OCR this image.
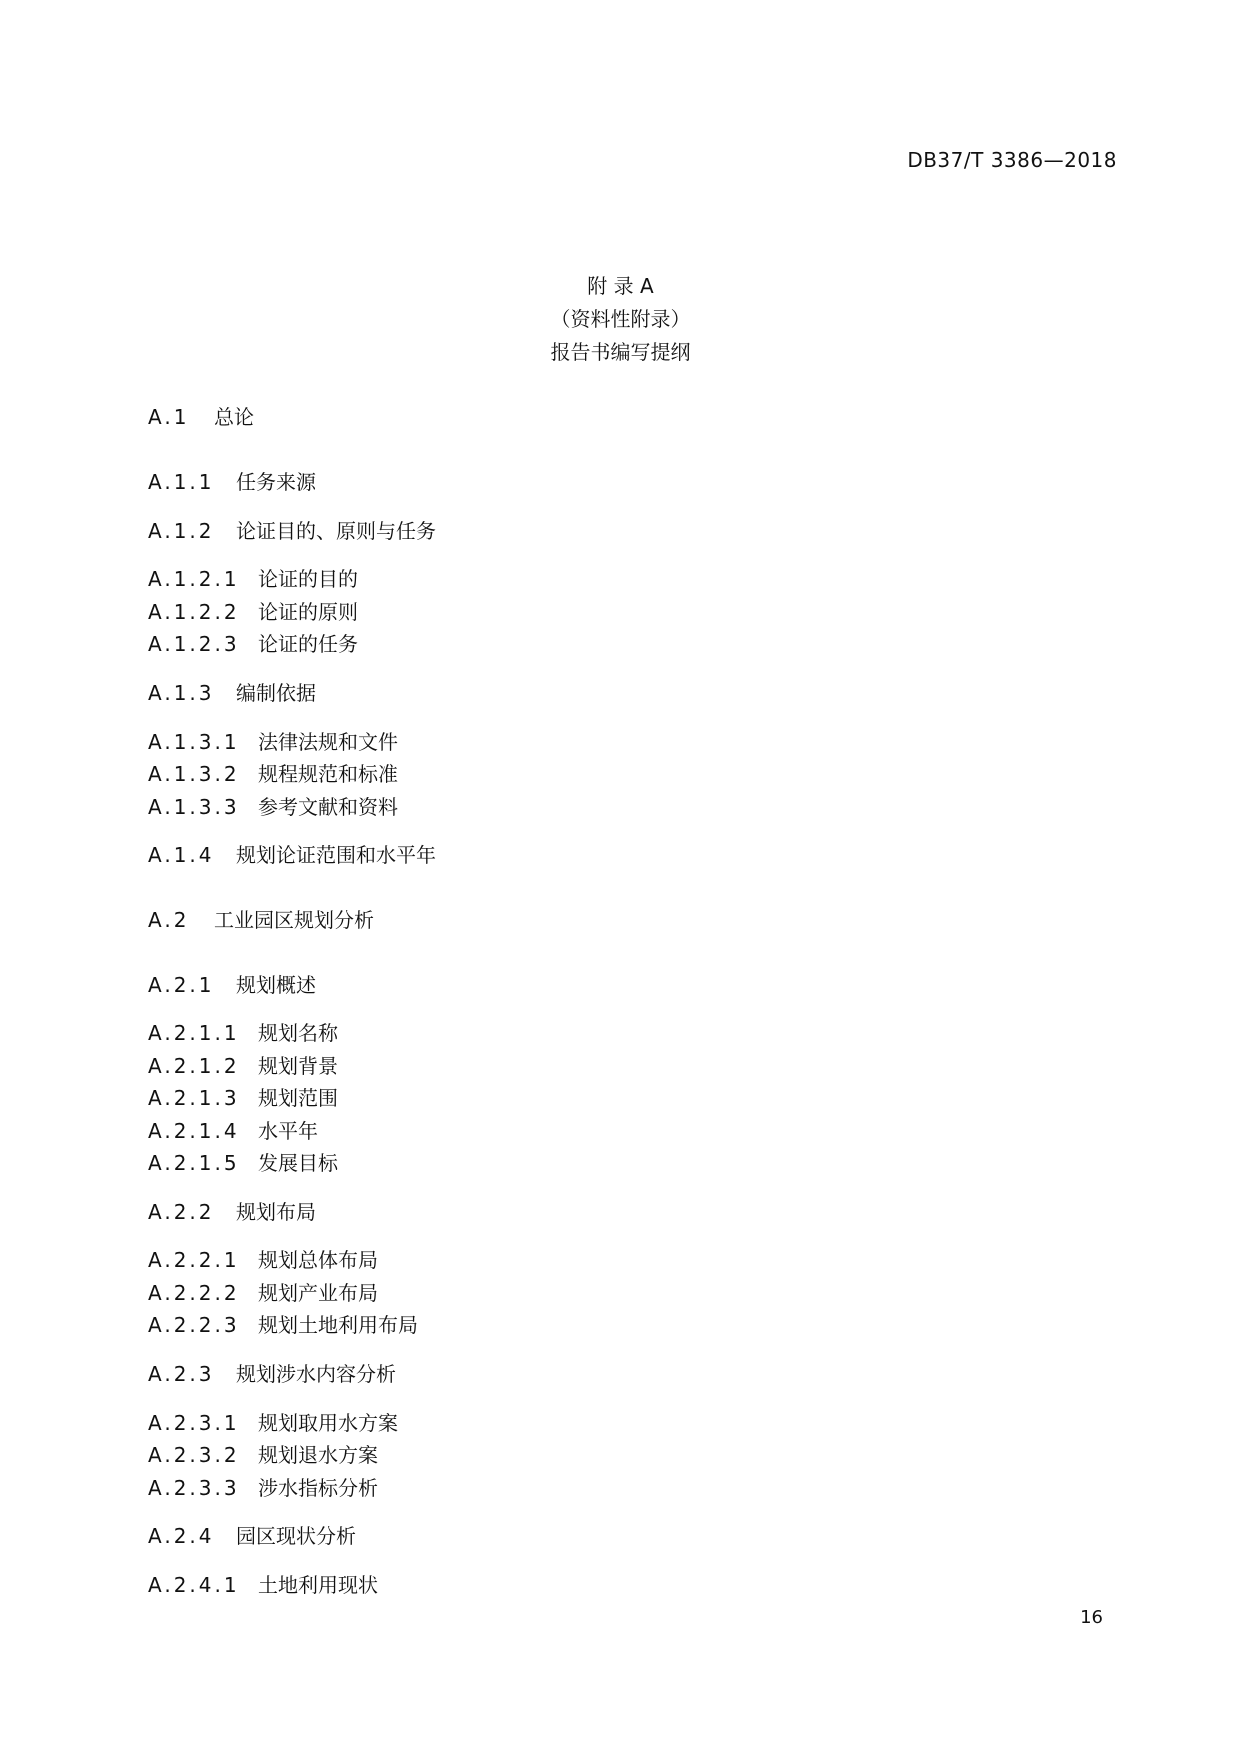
DB37/T 3386—2018
附 录 A
（资料性附录）
报告书编写提纲
A.1 总论
A.1.1 任务来源
A.1.2 论证目的、原则与任务
A.1.2.1 论证的目的
A.1.2.2 论证的原则
A.1.2.3 论证的任务
A.1.3 编制依据
A.1.3.1 法律法规和文件
A.1.3.2 规程规范和标准
A.1.3.3 参考文献和资料
A.1.4 规划论证范围和水平年
A.2 工业园区规划分析
A.2.1 规划概述
A.2.1.1 规划名称
A.2.1.2 规划背景
A.2.1.3 规划范围
A.2.1.4 水平年
A.2.1.5 发展目标
A.2.2 规划布局
A.2.2.1 规划总体布局
A.2.2.2 规划产业布局
A.2.2.3 规划土地利用布局
A.2.3 规划涉水内容分析
A.2.3.1 规划取用水方案
A.2.3.2 规划退水方案
A.2.3.3 涉水指标分析
A.2.4 园区现状分析
A.2.4.1 土地利用现状
16
